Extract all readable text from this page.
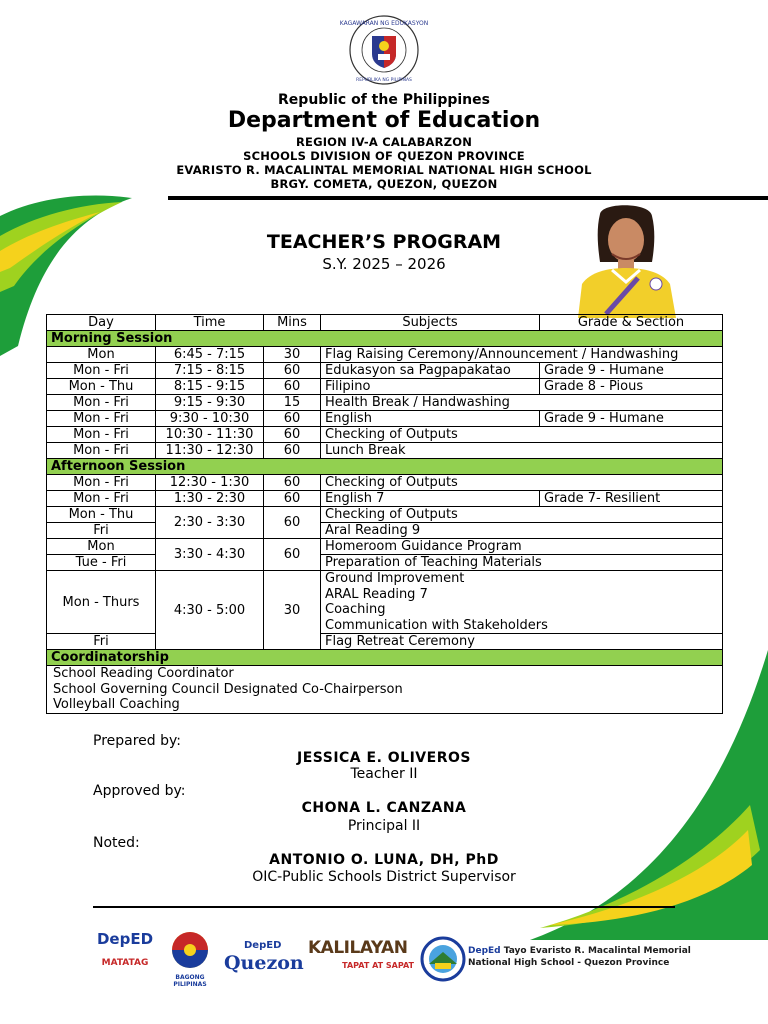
KAGAWARAN NG EDUKASYON
REPUBLIKA NG PILIPINAS
Republic of the Philippines
Department of Education
REGION IV-A CALABARZON
SCHOOLS DIVISION OF QUEZON PROVINCE
EVARISTO R. MACALINTAL MEMORIAL NATIONAL HIGH SCHOOL
BRGY. COMETA, QUEZON, QUEZON
TEACHER’S PROGRAM
S.Y. 2025 – 2026
Day	Time	Mins	Subjects	Grade & Section
Morning Session				
Mon	6:45 - 7:15	30	Flag Raising Ceremony/Announcement / Handwashing	
Mon - Fri	7:15 - 8:15	60	Edukasyon sa Pagpapakatao	Grade 9 - Humane
Mon - Thu	8:15 - 9:15	60	Filipino	Grade 8 - Pious
Mon - Fri	9:15 - 9:30	15	Health Break / Handwashing	
Mon - Fri	9:30 - 10:30	60	English	Grade 9 - Humane
Mon - Fri	10:30 - 11:30	60	Checking of Outputs	
Mon - Fri	11:30 - 12:30	60	Lunch Break	
Afternoon Session				
Mon - Fri	12:30 - 1:30	60	Checking of Outputs	
Mon - Fri	1:30 - 2:30	60	English 7	Grade 7- Resilient
Mon - Thu	2:30 - 3:30	60	Checking of Outputs	
Fri			Aral Reading 9	
Mon	3:30 - 4:30	60	Homeroom Guidance Program	
Tue - Fri			Preparation of Teaching Materials	
Mon - Thurs	4:30 - 5:00	30	Ground Improvement
ARAL Reading 7
Coaching
Communication with Stakeholders	

Fri			Flag Retreat Ceremony	
Coordinatorship				

School Reading Coordinator
School Governing Council Designated Co-Chairperson
Volleyball Coaching				
Prepared by:
JESSICA E. OLIVEROS
Teacher II
Approved by:
CHONA L. CANZANA
Principal II
Noted:
ANTONIO O. LUNA, DH, PhD
OIC-Public Schools District Supervisor
DepED
MATATAG
BAGONG PILIPINAS
DepED
Quezon
KALILAYAN
TAPAT AT SAPAT
DepEd Tayo Evaristo R. Macalintal Memorial
National High School - Quezon Province
